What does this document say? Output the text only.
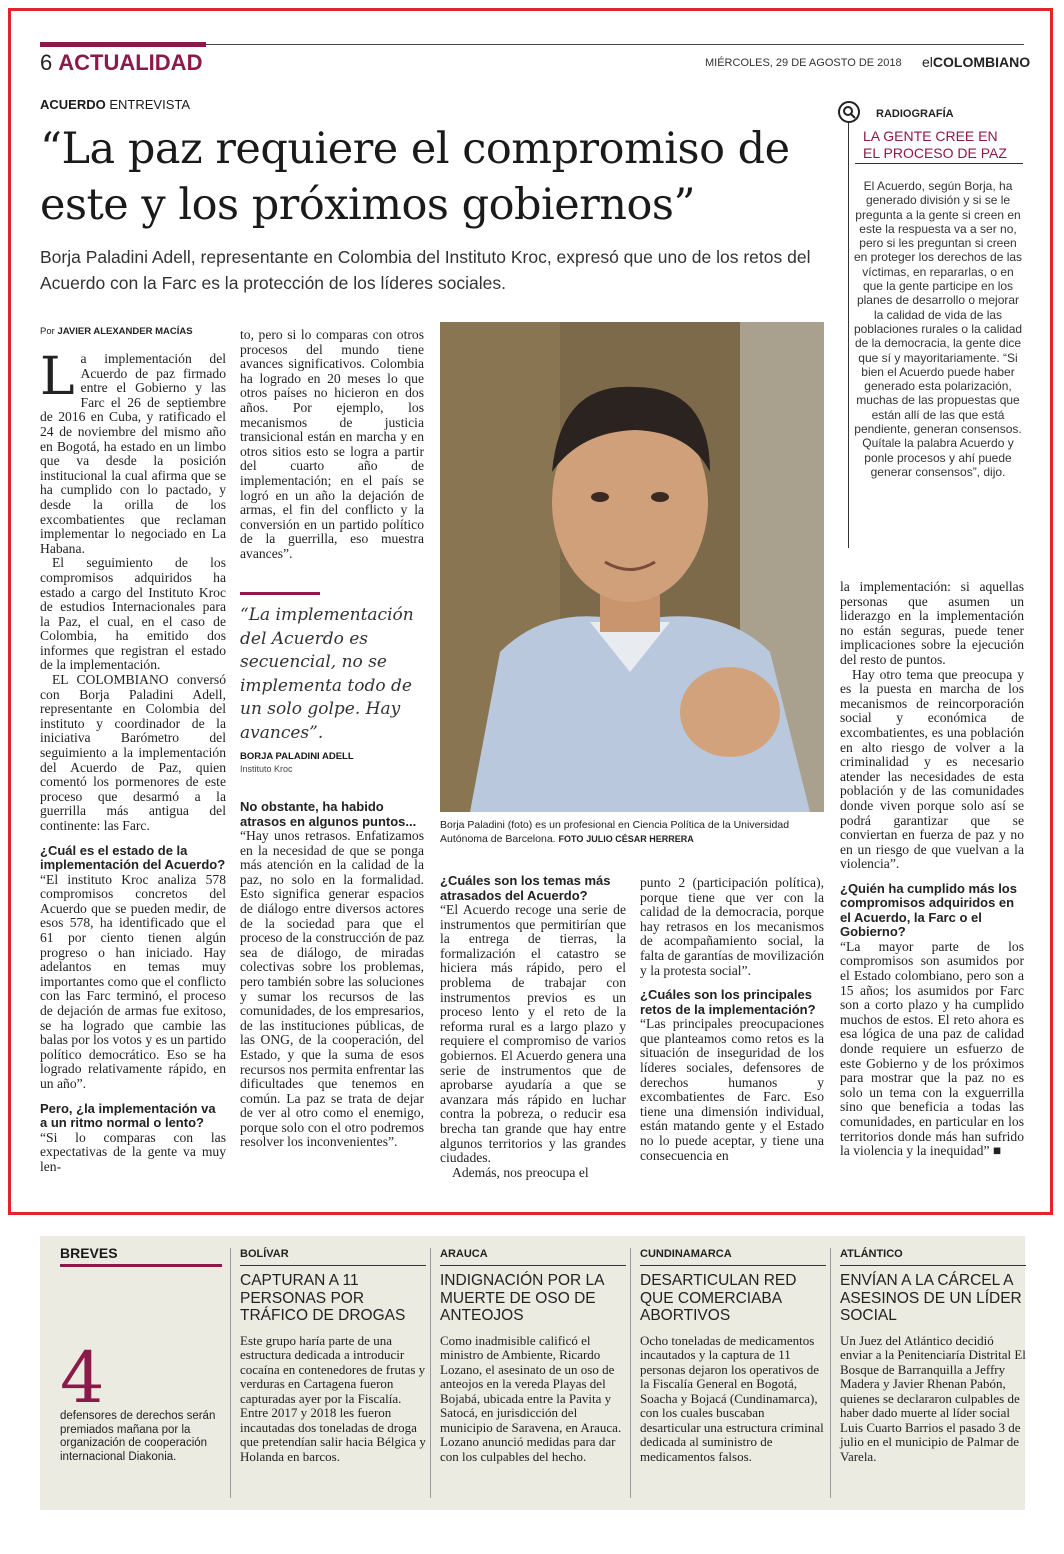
6 ACTUALIDAD	MIÉRCOLES, 29 DE AGOSTO DE 2018 elCOLOMBIANO
ACUERDO ENTREVISTA
“La paz requiere el compromiso de este y los próximos gobiernos”
Borja Paladini Adell, representante en Colombia del Instituto Kroc, expresó que uno de los retos del Acuerdo con la Farc es la protección de los líderes sociales.
Por JAVIER ALEXANDER MACÍAS

La implementación del Acuerdo de paz firmado entre el Gobierno y las Farc el 26 de septiembre de 2016 en Cuba, y ratificado el 24 de noviembre del mismo año en Bogotá, ha estado en un limbo que va desde la posición institucional la cual afirma que se ha cumplido con lo pactado, y desde la orilla de los excombatientes que reclaman implementar lo negociado en La Habana.

El seguimiento de los compromisos adquiridos ha estado a cargo del Instituto Kroc de estudios Internacionales para la Paz, el cual, en el caso de Colombia, ha emitido dos informes que registran el estado de la implementación.

EL COLOMBIANO conversó con Borja Paladini Adell, representante en Colombia del instituto y coordinador de la iniciativa Barómetro del seguimiento a la implementación del Acuerdo de Paz, quien comentó los pormenores de este proceso que desarmó a la guerrilla más antigua del continente: las Farc.

¿Cuál es el estado de la implementación del Acuerdo?

“El instituto Kroc analiza 578 compromisos concretos del Acuerdo que se pueden medir, de esos 578, ha identificado que el 61 por ciento tienen algún progreso o han iniciado. Hay adelantos en temas muy importantes como que el conflicto con las Farc terminó, el proceso de dejación de armas fue exitoso, se ha logrado que cambie las balas por los votos y es un partido político democrático. Eso se ha logrado relativamente rápido, en un año”.

Pero, ¿la implementación va a un ritmo normal o lento?

“Si lo comparas con las expectativas de la gente va muy len-

to, pero si lo comparas con otros procesos del mundo tiene avances significativos. Colombia ha logrado en 20 meses lo que otros países no hicieron en dos años. Por ejemplo, los mecanismos de justicia transicional están en marcha y en otros sitios esto se logra a partir del cuarto año de implementación; en el país se logró en un año la dejación de armas, el fin del conflicto y la conversión en un partido político de la guerrilla, eso muestra avances”.

“La implementación del Acuerdo es secuencial, no se implementa todo de un solo golpe. Hay avances”.
BORJA PALADINI ADELL
Instituto Kroc

No obstante, ha habido atrasos en algunos puntos...

“Hay unos retrasos. Enfatizamos en la necesidad de que se ponga más atención en la calidad de la paz, no solo en la formalidad. Esto significa generar espacios de diálogo entre diversos actores de la sociedad para que el proceso de la construcción de paz sea de diálogo, de miradas colectivas sobre los problemas, pero también sobre las soluciones y sumar los recursos de las comunidades, de los empresarios, de las instituciones públicas, de las ONG, de la cooperación, del Estado, y que la suma de esos recursos nos permita enfrentar las dificultades que tenemos en común. La paz se trata de dejar de ver al otro como el enemigo, porque solo con el otro podremos resolver los inconvenientes”.

Borja Paladini (foto) es un profesional en Ciencia Política de la Universidad Autónoma de Barcelona. FOTO JULIO CÉSAR HERRERA

¿Cuáles son los temas más atrasados del Acuerdo?

“El Acuerdo recoge una serie de instrumentos que permitirían que la entrega de tierras, la formalización el catastro se hiciera más rápido, pero el problema de trabajar con instrumentos previos es un proceso lento y el reto de la reforma rural es a largo plazo y requiere el compromiso de varios gobiernos. El Acuerdo genera una serie de instrumentos que de aprobarse ayudaría a que se avanzara más rápido en luchar contra la pobreza, o reducir esa brecha tan grande que hay entre algunos territorios y las grandes ciudades.

Además, nos preocupa el

punto 2 (participación política), porque tiene que ver con la calidad de la democracia, porque hay retrasos en los mecanismos de acompañamiento social, la falta de garantías de movilización y la protesta social”.

¿Cuáles son los principales retos de la implementación?

“Las principales preocupaciones que planteamos como retos es la situación de inseguridad de los líderes sociales, defensores de derechos humanos y excombatientes de Farc. Eso tiene una dimensión individual, están matando gente y el Estado no lo puede aceptar, y tiene una consecuencia en

la implementación: si aquellas personas que asumen un liderazgo en la implementación no están seguras, puede tener implicaciones sobre la ejecución del resto de puntos.

Hay otro tema que preocupa y es la puesta en marcha de los mecanismos de reincorporación social y económica de excombatientes, es una población en alto riesgo de volver a la criminalidad y es necesario atender las necesidades de esta población y de las comunidades donde viven porque solo así se podrá garantizar que se conviertan en fuerza de paz y no en un riesgo de que vuelvan a la violencia”.

¿Quién ha cumplido más los compromisos adquiridos en el Acuerdo, la Farc o el Gobierno?

“La mayor parte de los compromisos son asumidos por el Estado colombiano, pero son a 15 años; los asumidos por Farc son a corto plazo y ha cumplido muchos de estos. El reto ahora es esa lógica de una paz de calidad donde requiere un esfuerzo de este Gobierno y de los próximos para mostrar que la paz no es solo un tema con la exguerrilla sino que beneficia a todas las comunidades, en particular en los territorios donde más han sufrido la violencia y la inequidad” ■

RADIOGRAFÍA
LA GENTE CREE EN
EL PROCESO DE PAZ
El Acuerdo, según Borja, ha generado división y si se le pregunta a la gente si creen en este la respuesta va a ser no, pero si les preguntan si creen en proteger los derechos de las víctimas, en repararlas, o en que la gente participe en los planes de desarrollo o mejorar la calidad de vida de las poblaciones rurales o la calidad de la democracia, la gente dice que sí y mayoritariamente. “Si bien el Acuerdo puede haber generado esta polarización, muchas de las propuestas que están allí de las que está pendiente, generan consensos. Quítale la palabra Acuerdo y ponle procesos y ahí puede generar consensos”, dijo.
BREVES
4
defensores de derechos serán premiados mañana por la organización de cooperación internacional Diakonia.
BOLÍVAR
CAPTURAN A 11 PERSONAS POR TRÁFICO DE DROGAS
Este grupo haría parte de una estructura dedicada a introducir cocaína en contenedores de frutas y verduras en Cartagena fueron capturadas ayer por la Fiscalía. Entre 2017 y 2018 les fueron incautadas dos toneladas de droga que pretendían salir hacia Bélgica y Holanda en barcos.
ARAUCA
INDIGNACIÓN POR LA MUERTE DE OSO DE ANTEOJOS
Como inadmisible calificó el ministro de Ambiente, Ricardo Lozano, el asesinato de un oso de anteojos en la vereda Playas del Bojabá, ubicada entre la Pavita y Satocá, en jurisdicción del municipio de Saravena, en Arauca. Lozano anunció medidas para dar con los culpables del hecho.
CUNDINAMARCA
DESARTICULAN RED QUE COMERCIABA ABORTIVOS
Ocho toneladas de medicamentos incautados y la captura de 11 personas dejaron los operativos de la Fiscalía General en Bogotá, Soacha y Bojacá (Cundinamarca), con los cuales buscaban desarticular una estructura criminal dedicada al suministro de medicamentos falsos.
ATLÁNTICO
ENVÍAN A LA CÁRCEL A ASESINOS DE UN LÍDER SOCIAL
Un Juez del Atlántico decidió enviar a la Penitenciaría Distrital El Bosque de Barranquilla a Jeffry Madera y Javier Rhenan Pabón, quienes se declararon culpables de haber dado muerte al líder social Luis Cuarto Barrios el pasado 3 de julio en el municipio de Palmar de Varela.
